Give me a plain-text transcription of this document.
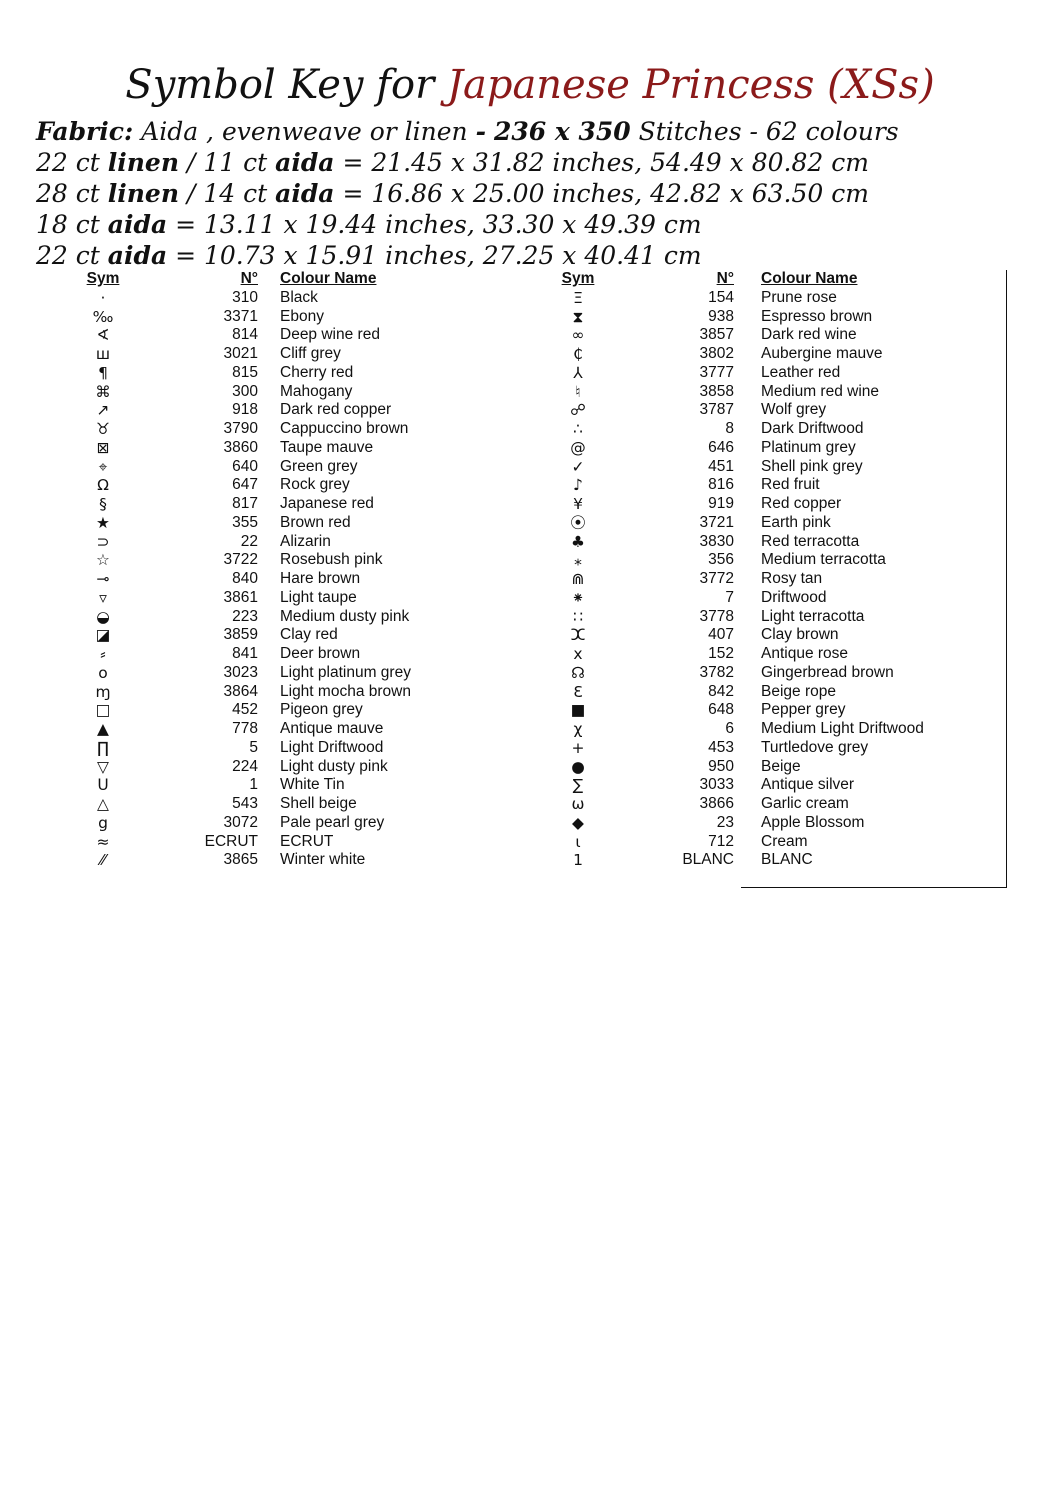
Symbol Key for Japanese Princess (XSs)
Fabric: Aida , evenweave or linen - 236 x 350 Stitches - 62 colours
22 ct linen / 11 ct aida = 21.45 x 31.82 inches, 54.49 x 80.82 cm
28 ct linen / 14 ct aida = 16.86 x 25.00 inches, 42.82 x 63.50 cm
18 ct aida = 13.11 x 19.44 inches, 33.30 x 49.39 cm
22 ct aida = 10.73 x 15.91 inches, 27.25 x 40.41 cm
Sym	N°	Colour Name
·	310	Black
‰	3371	Ebony
∢	814	Deep wine red
ш	3021	Cliff grey
¶	815	Cherry red
⌘	300	Mahogany
↗	918	Dark red copper
♉	3790	Cappuccino brown
⊠	3860	Taupe mauve
⌖	640	Green grey
Ω	647	Rock grey
§	817	Japanese red
★	355	Brown red
⊃	22	Alizarin
☆	3722	Rosebush pink
⊸	840	Hare brown
▿	3861	Light taupe
◒	223	Medium dusty pink
◪	3859	Clay red
⸗	841	Deer brown
o	3023	Light platinum grey
ɱ	3864	Light mocha brown
□	452	Pigeon grey
▲	778	Antique mauve
∏	5	Light Driftwood
▽	224	Light dusty pink
ᑌ	1	White Tin
△	543	Shell beige
g	3072	Pale pearl grey
≈	ECRUT	ECRUT
⁄⁄	3865	Winter white
Sym	N°	Colour Name
Ξ	154	Prune rose
⧗	938	Espresso brown
∞	3857	Dark red wine
₵	3802	Aubergine mauve
⅄	3777	Leather red
♮	3858	Medium red wine
☍	3787	Wolf grey
∴	8	Dark Driftwood
@	646	Platinum grey
✓	451	Shell pink grey
♪	816	Red fruit
¥	919	Red copper
⦿	3721	Earth pink
♣	3830	Red terracotta
⁎	356	Medium terracotta
⋒	3772	Rosy tan
⁕	7	Driftwood
∷	3778	Light terracotta
ⵋ	407	Clay brown
x	152	Antique rose
☊	3782	Gingerbread brown
Ɛ	842	Beige rope
■	648	Pepper grey
χ	6	Medium Light Driftwood
+	453	Turtledove grey
●	950	Beige
∑	3033	Antique silver
ω	3866	Garlic cream
◆	23	Apple Blossom
ɩ	712	Cream
1	BLANC	BLANC
